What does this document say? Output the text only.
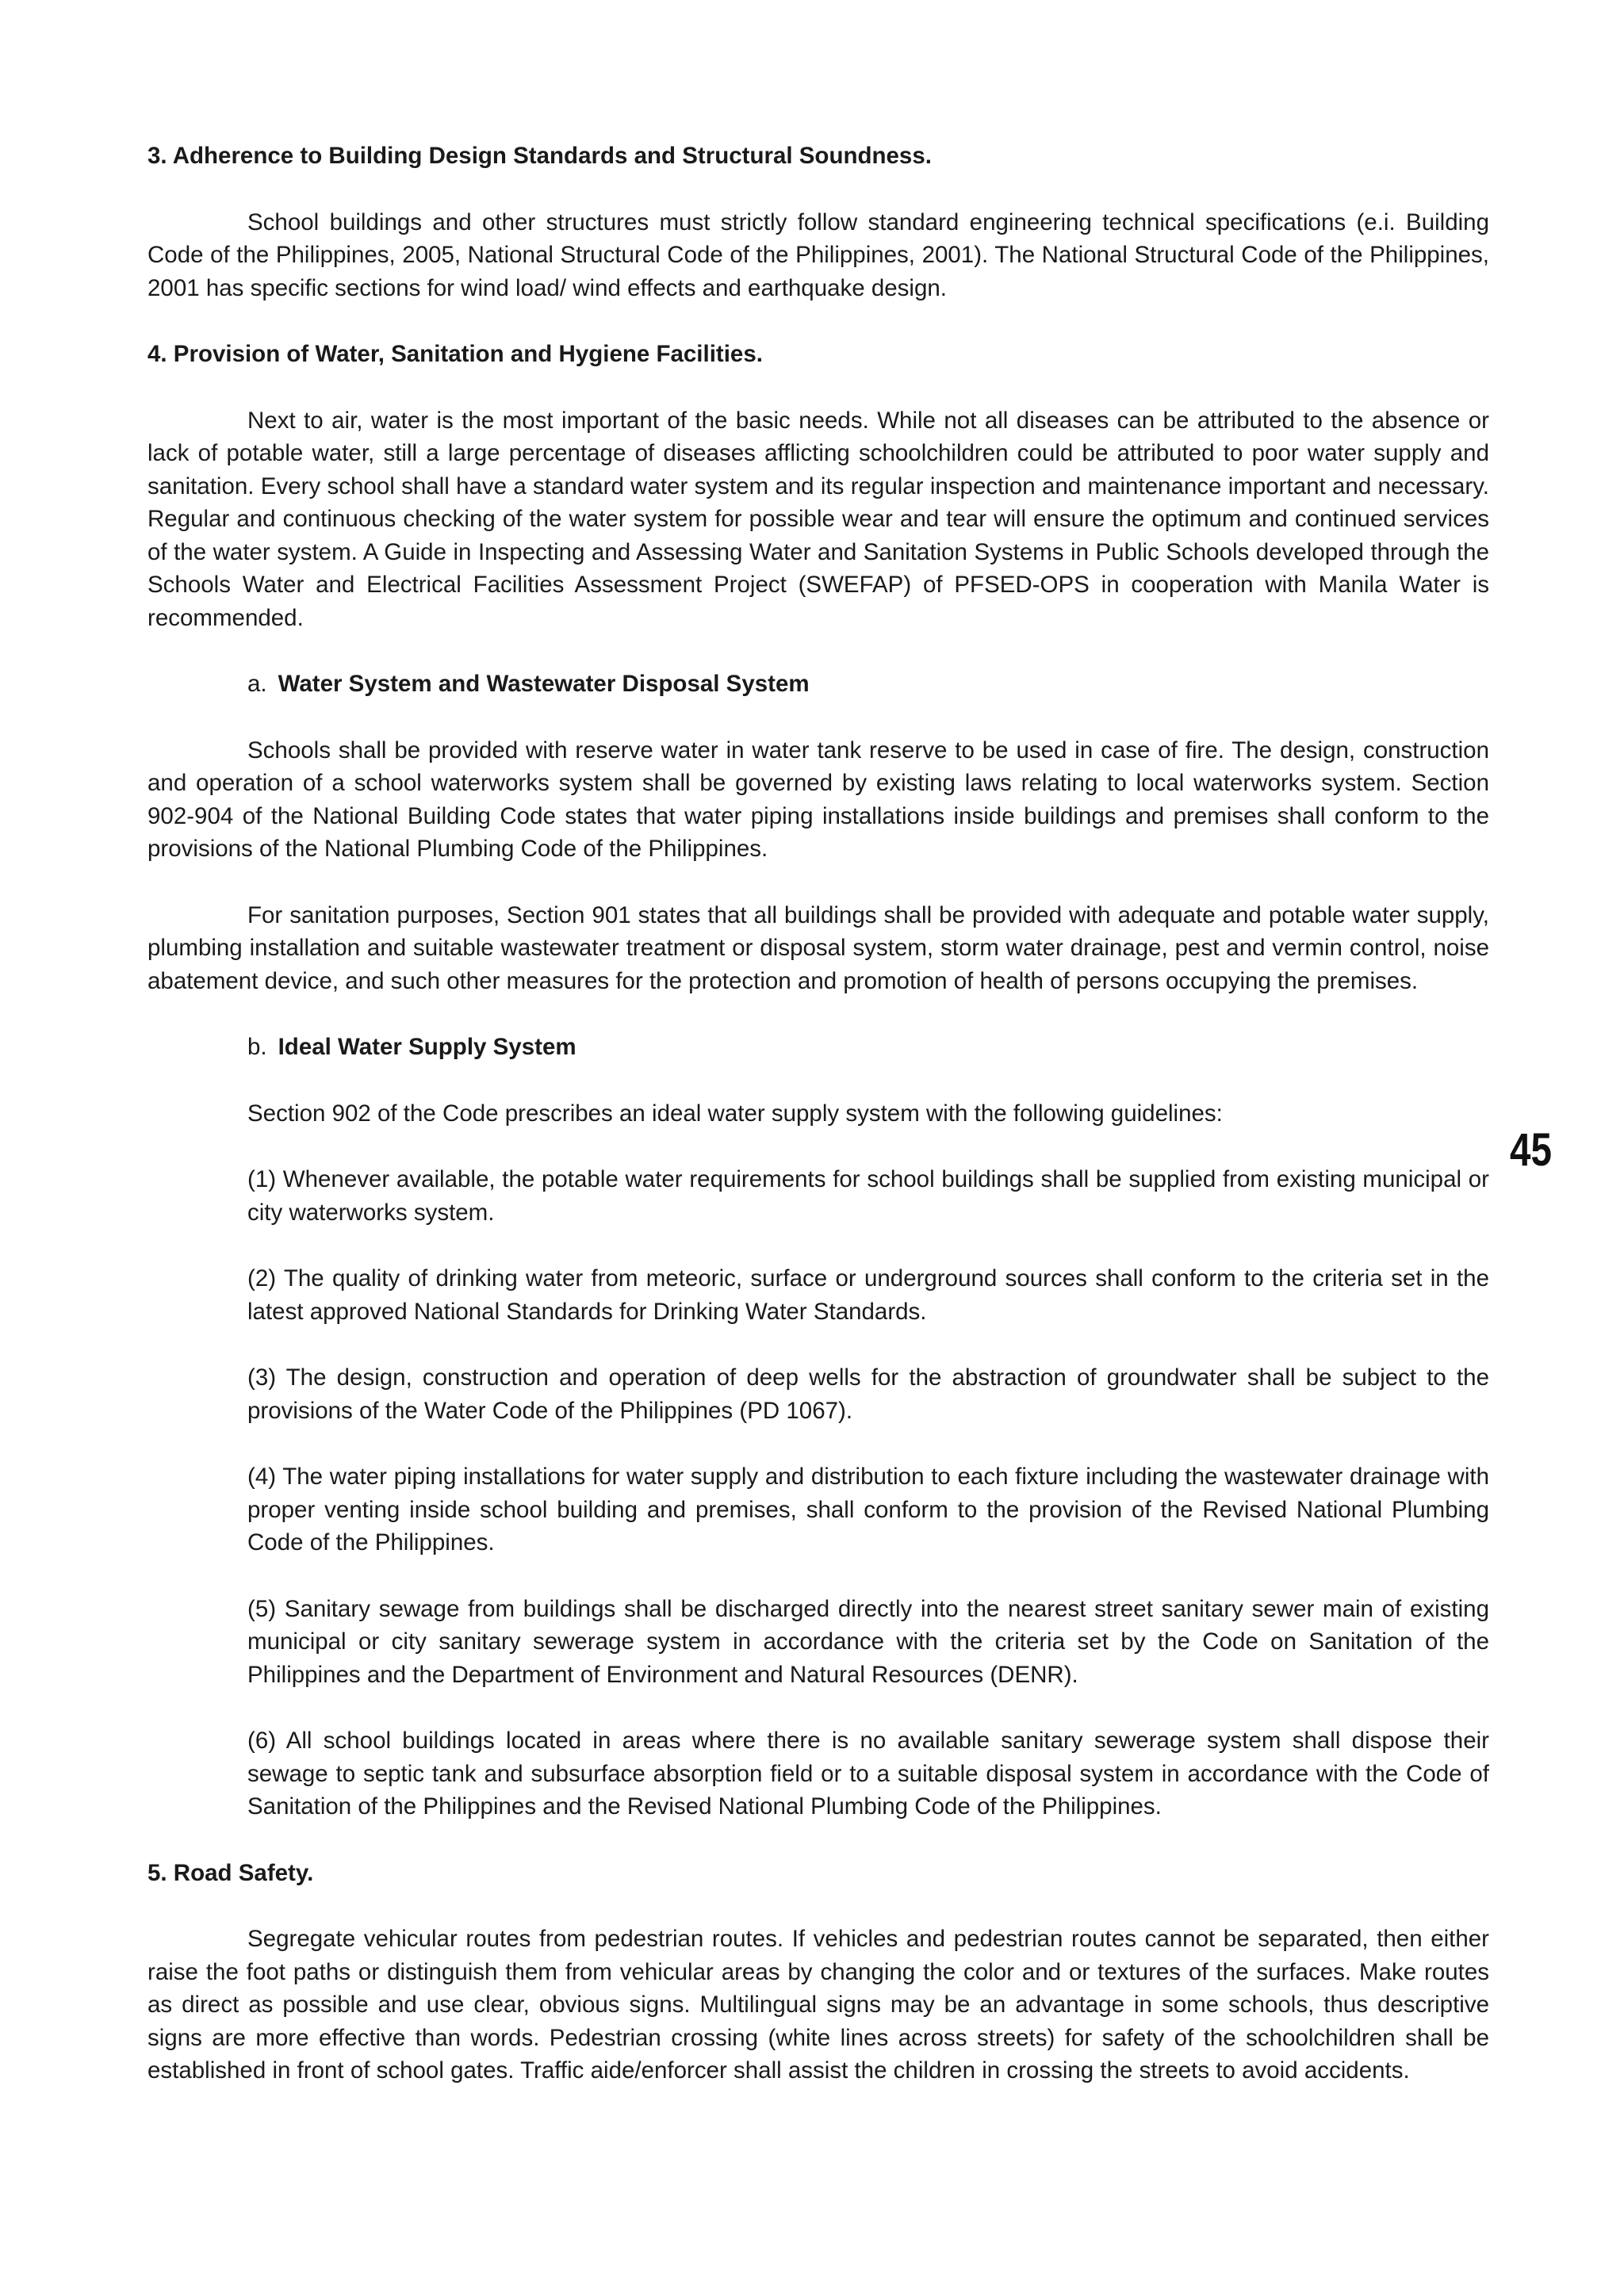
3. Adherence to Building Design Standards and Structural Soundness.

School buildings and other structures must strictly follow standard engineering technical specifications (e.i. Building Code of the Philippines, 2005, National Structural Code of the Philippines, 2001). The National Structural Code of the Philippines, 2001 has specific sections for wind load/ wind effects and earthquake design.

4. Provision of Water, Sanitation and Hygiene Facilities.

Next to air, water is the most important of the basic needs. While not all diseases can be attributed to the absence or lack of potable water, still a large percentage of diseases afflicting schoolchildren could be attributed to poor water supply and sanitation. Every school shall have a standard water system and its regular inspection and maintenance important and necessary. Regular and continuous checking of the water system for possible wear and tear will ensure the optimum and continued services of the water system. A Guide in Inspecting and Assessing Water and Sanitation Systems in Public Schools developed through the Schools Water and Electrical Facilities Assessment Project (SWEFAP) of PFSED-OPS in cooperation with Manila Water is recommended.

a. Water System and Wastewater Disposal System

Schools shall be provided with reserve water in water tank reserve to be used in case of fire. The design, construction and operation of a school waterworks system shall be governed by existing laws relating to local waterworks system. Section 902-904 of the National Building Code states that water piping installations inside buildings and premises shall conform to the provisions of the National Plumbing Code of the Philippines.

For sanitation purposes, Section 901 states that all buildings shall be provided with adequate and potable water supply, plumbing installation and suitable wastewater treatment or disposal system, storm water drainage, pest and vermin control, noise abatement device, and such other measures for the protection and promotion of health of persons occupying the premises.

b. Ideal Water Supply System
Section 902 of the Code prescribes an ideal water supply system with the following guidelines:
(1) Whenever available, the potable water requirements for school buildings shall be supplied from existing municipal or city waterworks system.
(2) The quality of drinking water from meteoric, surface or underground sources shall conform to the criteria set in the latest approved National Standards for Drinking Water Standards.
(3) The design, construction and operation of deep wells for the abstraction of groundwater shall be subject to the provisions of the Water Code of the Philippines (PD 1067).
(4) The water piping installations for water supply and distribution to each fixture including the wastewater drainage with proper venting inside school building and premises, shall conform to the provision of the Revised National Plumbing Code of the Philippines.
(5) Sanitary sewage from buildings shall be discharged directly into the nearest street sanitary sewer main of existing municipal or city sanitary sewerage system in accordance with the criteria set by the Code on Sanitation of the Philippines and the Department of Environment and Natural Resources (DENR).
(6) All school buildings located in areas where there is no available sanitary sewerage system shall dispose their sewage to septic tank and subsurface absorption field or to a suitable disposal system in accordance with the Code of Sanitation of the Philippines and the Revised National Plumbing Code of the Philippines.
5. Road Safety.

Segregate vehicular routes from pedestrian routes. If vehicles and pedestrian routes cannot be separated, then either raise the foot paths or distinguish them from vehicular areas by changing the color and or textures of the surfaces. Make routes as direct as possible and use clear, obvious signs. Multilingual signs may be an advantage in some schools, thus descriptive signs are more effective than words. Pedestrian crossing (white lines across streets) for safety of the schoolchildren shall be established in front of school gates. Traffic aide/enforcer shall assist the children in crossing the streets to avoid accidents.

45
